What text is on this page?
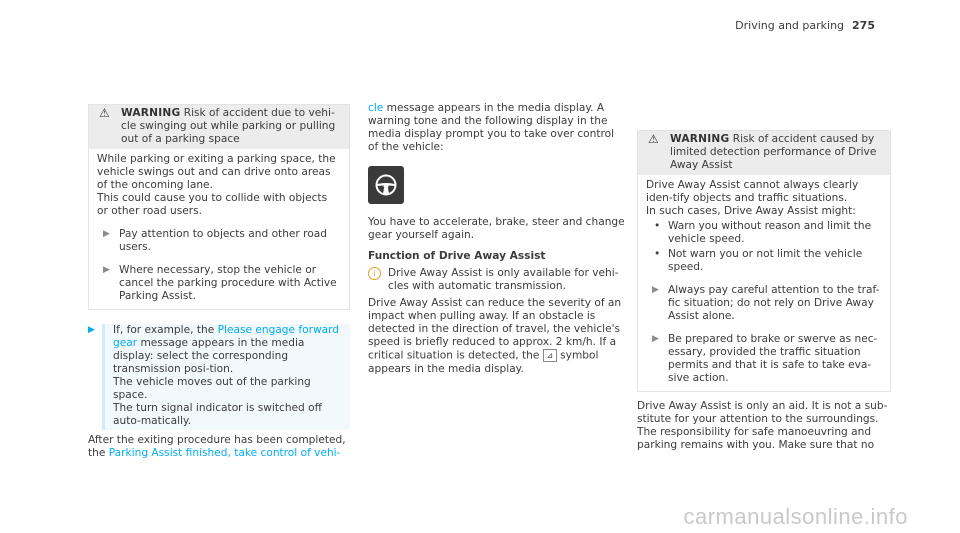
Driving and parking 275
⚠ WARNING Risk of accident due to vehi-cle swinging out while parking or pulling out of a parking space

While parking or exiting a parking space, the vehicle swings out and can drive onto areas of the oncoming lane.

This could cause you to collide with objects or other road users.

▶ Pay attention to objects and other road users.
▶ Where necessary, stop the vehicle or cancel the parking procedure with Active Parking Assist.
▶ If, for example, the Please engage forward gear message appears in the media display: select the corresponding transmission posi-tion.

The vehicle moves out of the parking space.

The turn signal indicator is switched off auto-matically.

After the exiting procedure has been completed, the Parking Assist finished, take control of vehi-

cle message appears in the media display. A warning tone and the following display in the media display prompt you to take over control of the vehicle:

You have to accelerate, brake, steer and change gear yourself again.

Function of Drive Away Assist

i	Drive Away Assist is only available for vehi-cles with automatic transmission.

Drive Away Assist can reduce the severity of an impact when pulling away. If an obstacle is detected in the direction of travel, the vehicle's speed is briefly reduced to approx. 2 km/h. If a critical situation is detected, the ⊿ symbol appears in the media display.

⚠ WARNING Risk of accident caused by limited detection performance of Drive Away Assist

Drive Away Assist cannot always clearly iden-tify objects and traffic situations.

In such cases, Drive Away Assist might:

• Warn you without reason and limit the vehicle speed.
• Not warn you or not limit the vehicle speed.
▶ Always pay careful attention to the traf-fic situation; do not rely on Drive Away Assist alone.
▶ Be prepared to brake or swerve as nec-essary, provided the traffic situation permits and that it is safe to take eva-sive action.

Drive Away Assist is only an aid. It is not a sub-stitute for your attention to the surroundings. The responsibility for safe manoeuvring and parking remains with you. Make sure that no

carmanualsonline.info
